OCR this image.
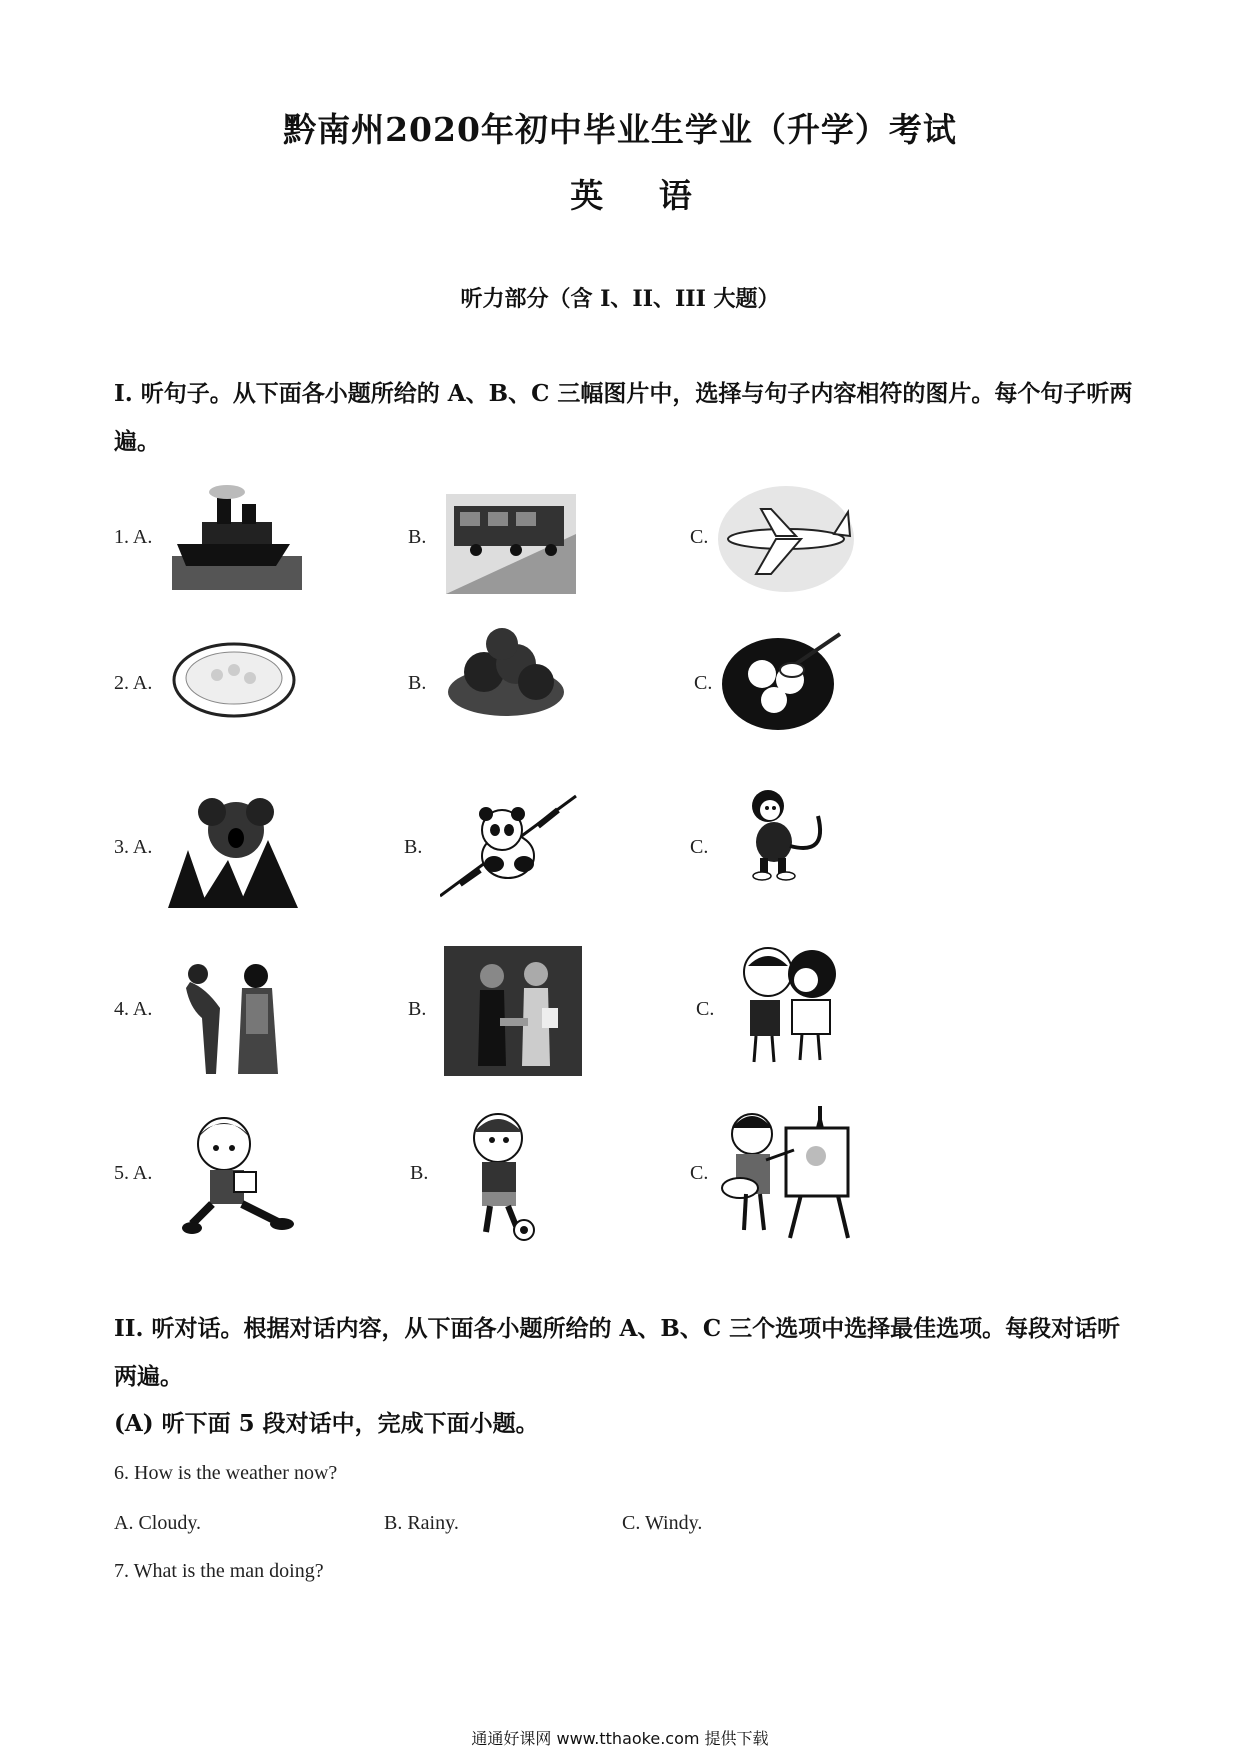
黔南州2020年初中毕业生学业（升学）考试
英 语
听力部分（含 I、II、III 大题）
I. 听句子。从下面各小题所给的 A、B、C 三幅图片中，选择与句子内容相符的图片。每个句子听两遍。
1. A.	B.	C.
2. A.	B.	C.
3. A.	B.	C.
4. A.	B.	C.
5. A.	B.	C.
II. 听对话。根据对话内容，从下面各小题所给的 A、B、C 三个选项中选择最佳选项。每段对话听两遍。
(A) 听下面 5 段对话中，完成下面小题。
6. How is the weather now?
A. Cloudy.	B. Rainy.	C. Windy.
7. What is the man doing?
通通好课网 www.tthaoke.com 提供下载
